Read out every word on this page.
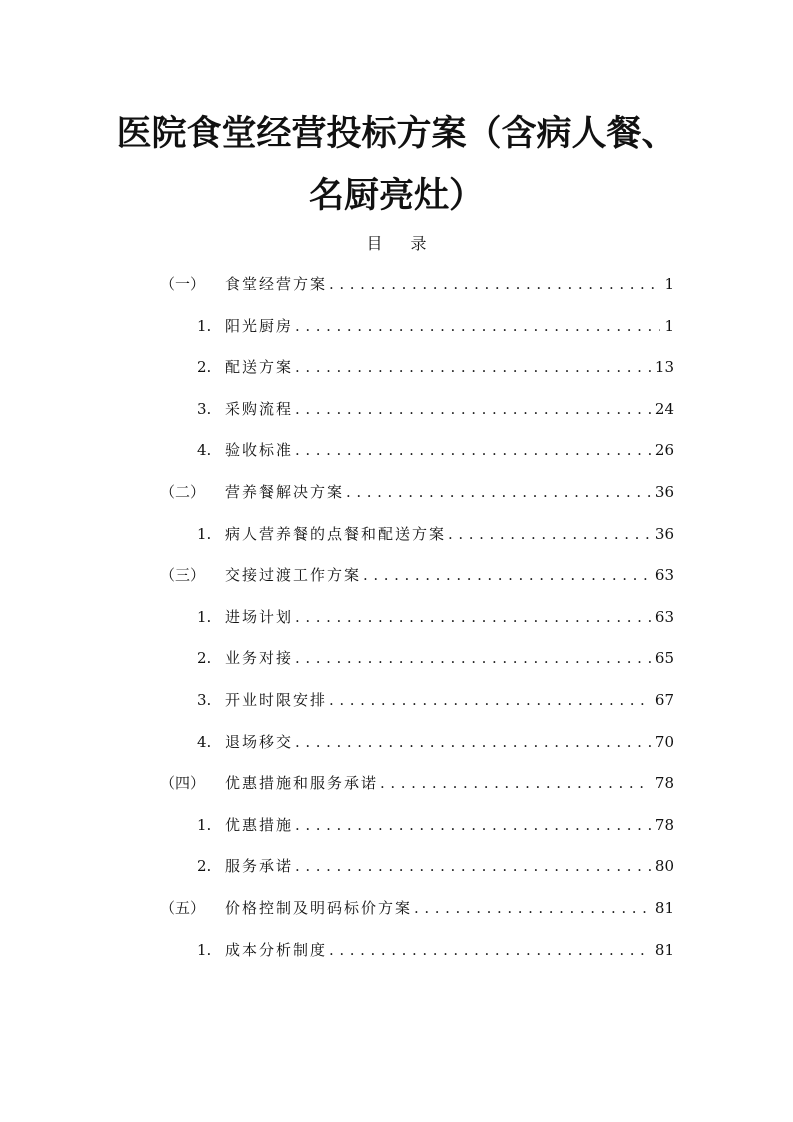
医院食堂经营投标方案（含病人餐、
名厨亮灶）
目录
（一）	食堂经营方案 .....	1
1. 阳光厨房 .....	1
2. 配送方案 .....	13
3. 采购流程 .....	24
4. 验收标准 .....	26
（二）	营养餐解决方案 .....	36
1. 病人营养餐的点餐和配送方案 .....	36
（三）	交接过渡工作方案 .....	63
1. 进场计划 .....	63
2. 业务对接 .....	65
3. 开业时限安排 .....	67
4. 退场移交 .....	70
（四）	优惠措施和服务承诺 .....	78
1. 优惠措施 .....	78
2. 服务承诺 .....	80
（五）	价格控制及明码标价方案 .....	81
1. 成本分析制度 .....	81
